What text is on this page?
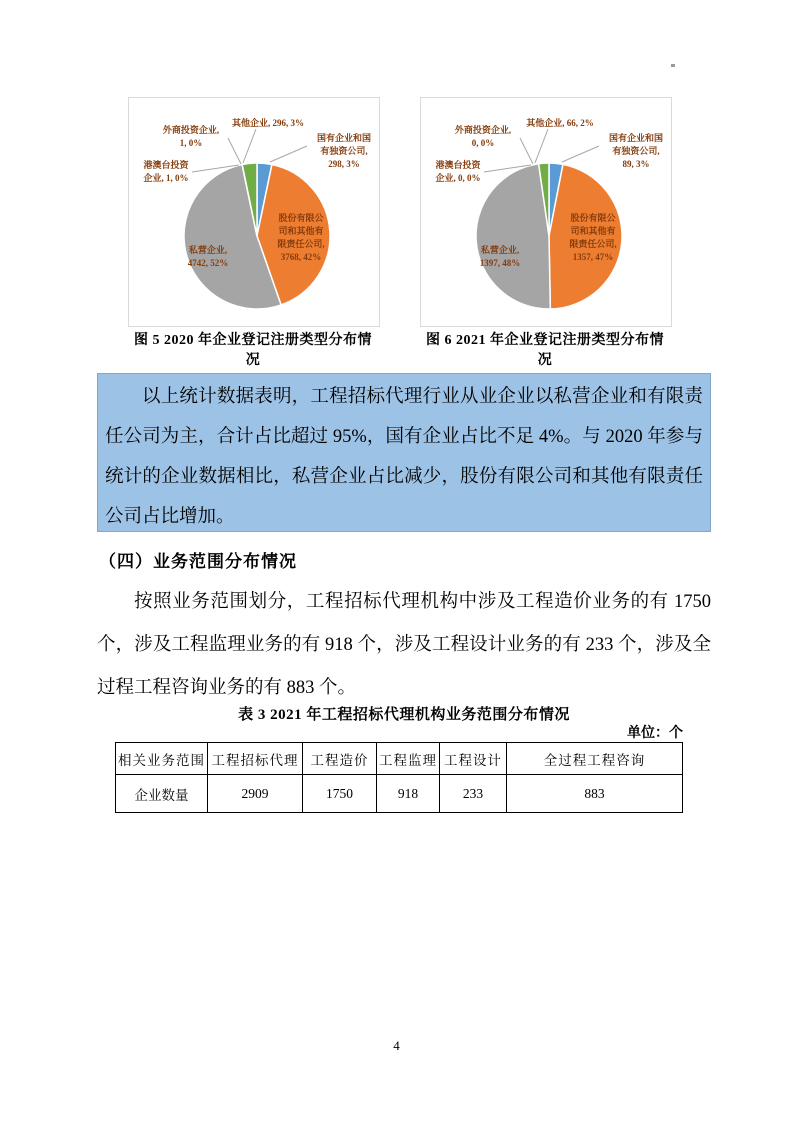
国有企业和国
有独资公司,
298, 3%
股份有限公
司和其他有
限责任公司,
3768, 42%
私营企业,
4742, 52%
港澳台投资
企业, 1, 0%
外商投资企业,
1, 0%
其他企业, 296, 3%
国有企业和国
有独资公司,
89, 3%
股份有限公
司和其他有
限责任公司,
1357, 47%
私营企业,
1397, 48%
港澳台投资
企业, 0, 0%
外商投资企业,
0, 0%
其他企业, 66, 2%
图 5 2020 年企业登记注册类型分布情况
图 6 2021 年企业登记注册类型分布情况
以上统计数据表明，工程招标代理行业从业企业以私营企业和有限责任公司为主，合计占比超过 95%，国有企业占比不足 4%。与 2020 年参与统计的企业数据相比，私营企业占比减少，股份有限公司和其他有限责任公司占比增加。
（四）业务范围分布情况
按照业务范围划分，工程招标代理机构中涉及工程造价业务的有 1750 个，涉及工程监理业务的有 918 个，涉及工程设计业务的有 233 个，涉及全过程工程咨询业务的有 883 个。
表 3 2021 年工程招标代理机构业务范围分布情况
单位：个
相关业务范围	工程招标代理	工程造价	工程监理	工程设计	全过程工程咨询
企业数量	2909	1750	918	233	883
4
